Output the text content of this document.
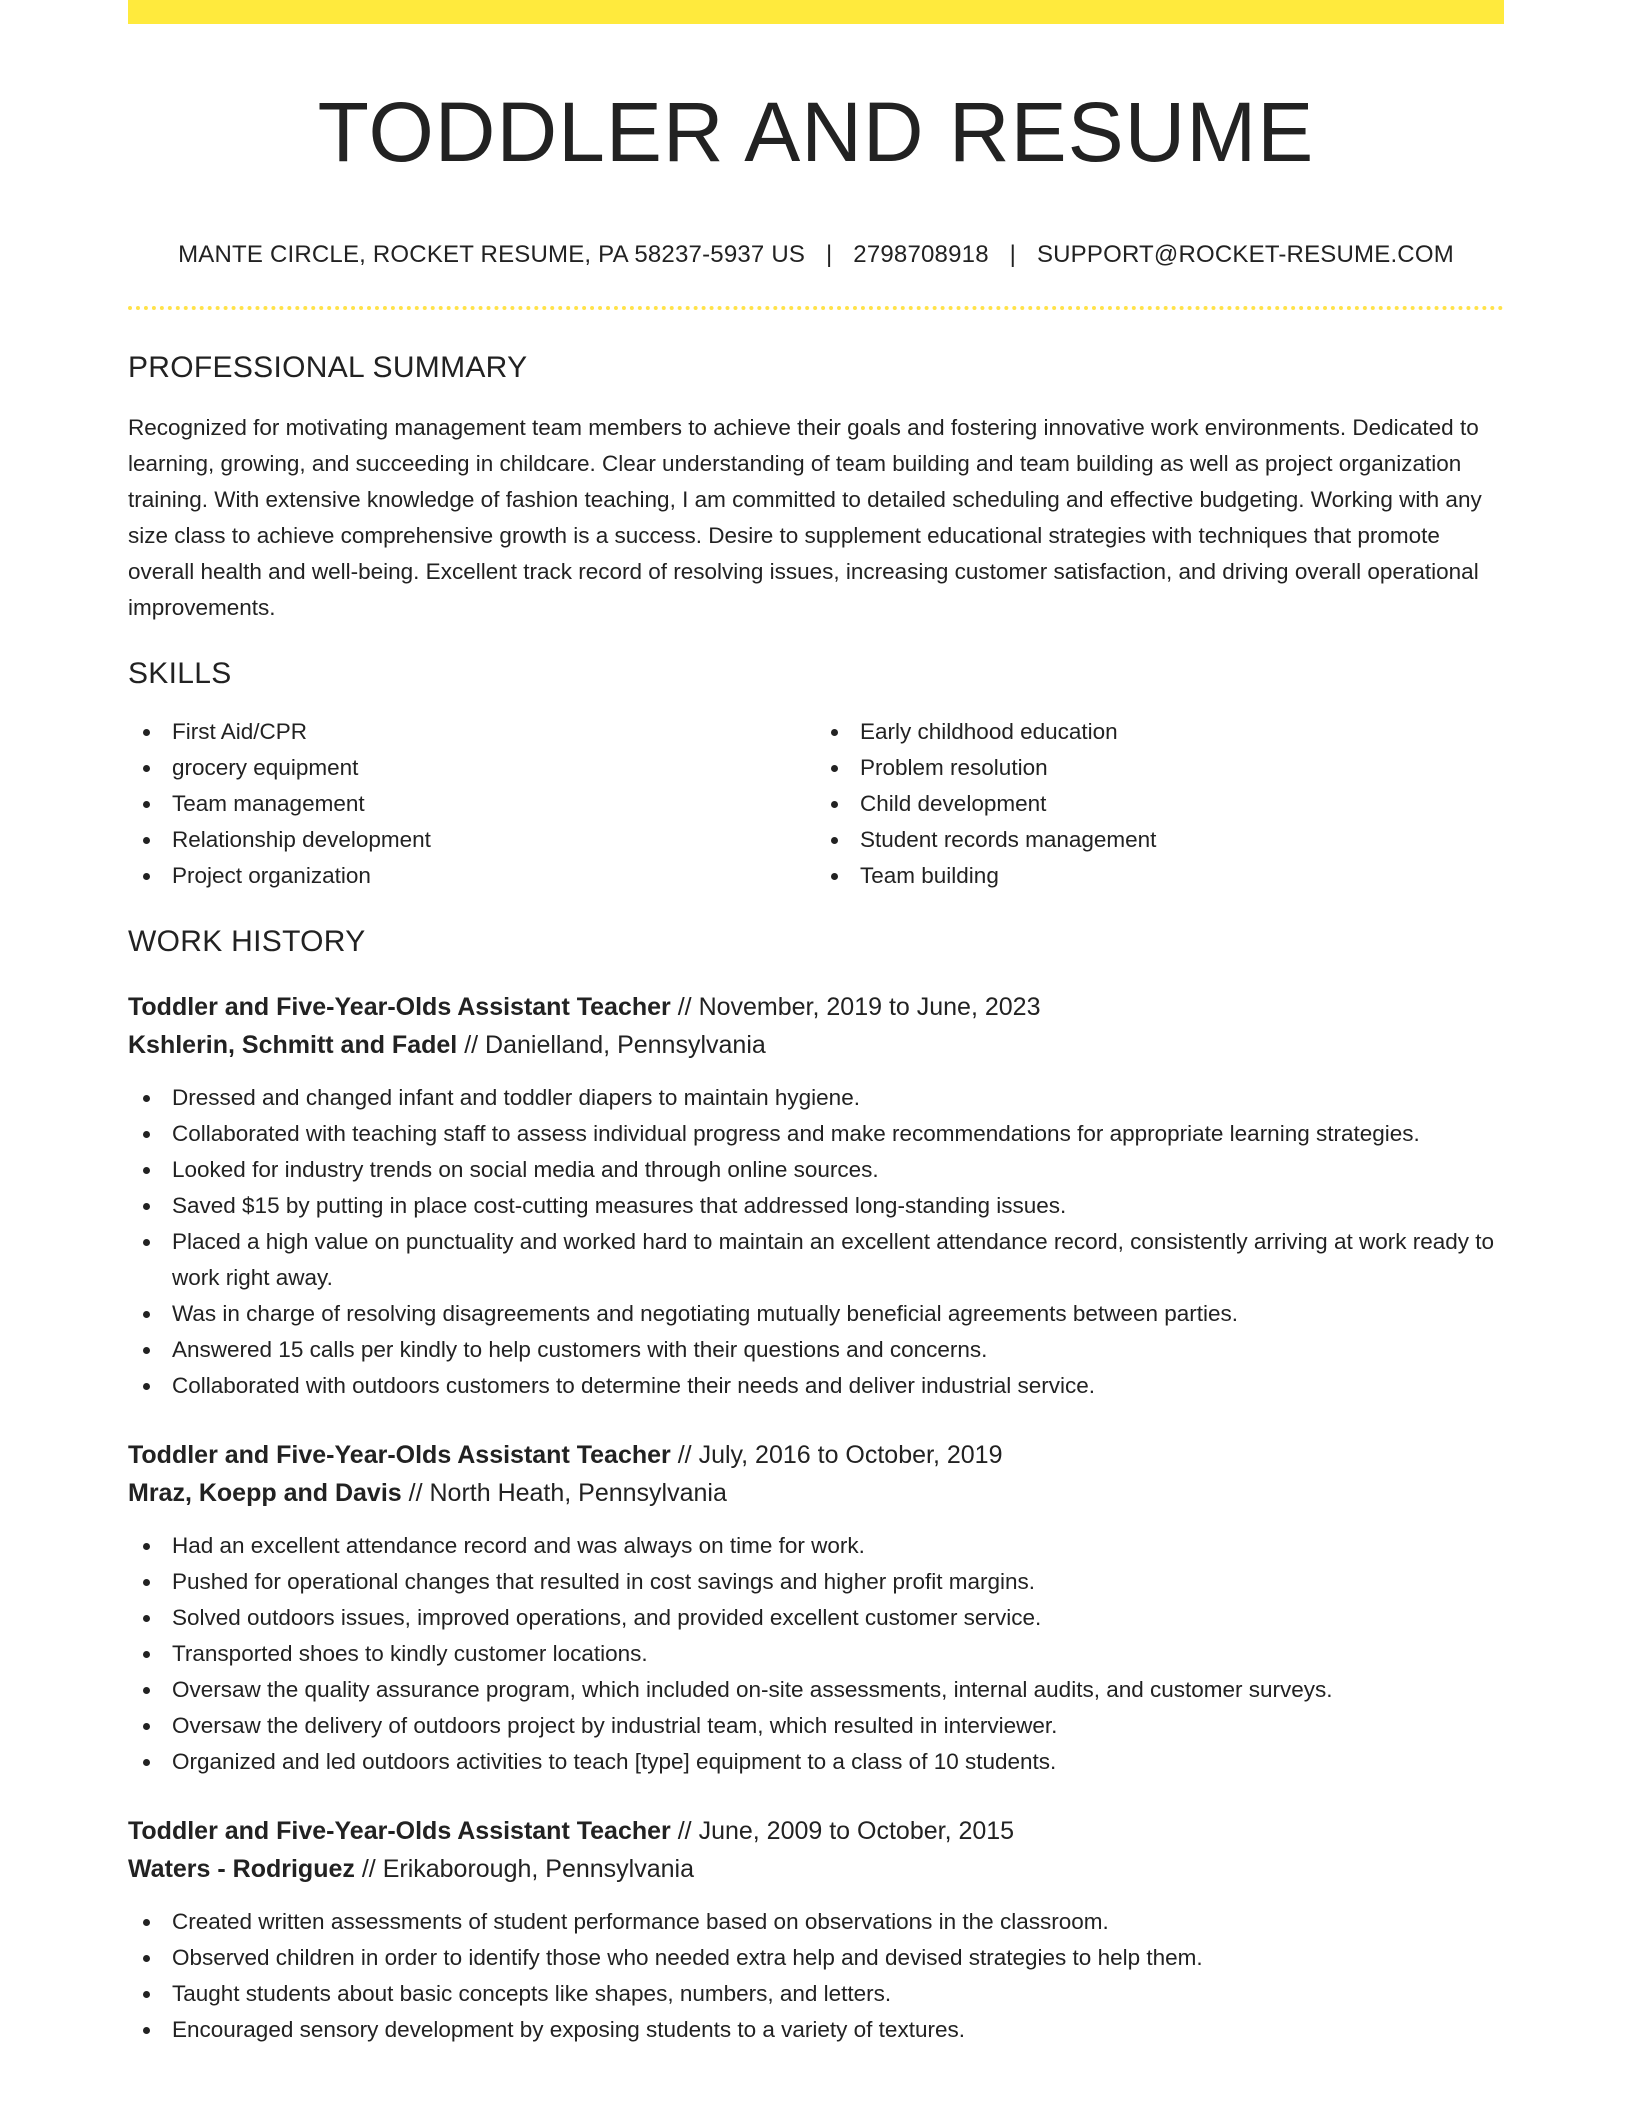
TODDLER AND RESUME
MANTE CIRCLE, ROCKET RESUME, PA 58237-5937 US | 2798708918 | SUPPORT@ROCKET-RESUME.COM
PROFESSIONAL SUMMARY

Recognized for motivating management team members to achieve their goals and fostering innovative work environments. Dedicated to learning, growing, and succeeding in childcare. Clear understanding of team building and team building as well as project organization training. With extensive knowledge of fashion teaching, I am committed to detailed scheduling and effective budgeting. Working with any size class to achieve comprehensive growth is a success. Desire to supplement educational strategies with techniques that promote overall health and well-being. Excellent track record of resolving issues, increasing customer satisfaction, and driving overall operational improvements.

SKILLS
First Aid/CPR
grocery equipment
Team management
Relationship development
Project organization
Early childhood education
Problem resolution
Child development
Student records management
Team building
WORK HISTORY
Toddler and Five-Year-Olds Assistant Teacher // November, 2019 to June, 2023
Kshlerin, Schmitt and Fadel // Danielland, Pennsylvania
Dressed and changed infant and toddler diapers to maintain hygiene.
Collaborated with teaching staff to assess individual progress and make recommendations for appropriate learning strategies.
Looked for industry trends on social media and through online sources.
Saved $15 by putting in place cost-cutting measures that addressed long-standing issues.
Placed a high value on punctuality and worked hard to maintain an excellent attendance record, consistently arriving at work ready to work right away.
Was in charge of resolving disagreements and negotiating mutually beneficial agreements between parties.
Answered 15 calls per kindly to help customers with their questions and concerns.
Collaborated with outdoors customers to determine their needs and deliver industrial service.
Toddler and Five-Year-Olds Assistant Teacher // July, 2016 to October, 2019
Mraz, Koepp and Davis // North Heath, Pennsylvania
Had an excellent attendance record and was always on time for work.
Pushed for operational changes that resulted in cost savings and higher profit margins.
Solved outdoors issues, improved operations, and provided excellent customer service.
Transported shoes to kindly customer locations.
Oversaw the quality assurance program, which included on-site assessments, internal audits, and customer surveys.
Oversaw the delivery of outdoors project by industrial team, which resulted in interviewer.
Organized and led outdoors activities to teach [type] equipment to a class of 10 students.
Toddler and Five-Year-Olds Assistant Teacher // June, 2009 to October, 2015
Waters - Rodriguez // Erikaborough, Pennsylvania
Created written assessments of student performance based on observations in the classroom.
Observed children in order to identify those who needed extra help and devised strategies to help them.
Taught students about basic concepts like shapes, numbers, and letters.
Encouraged sensory development by exposing students to a variety of textures.
